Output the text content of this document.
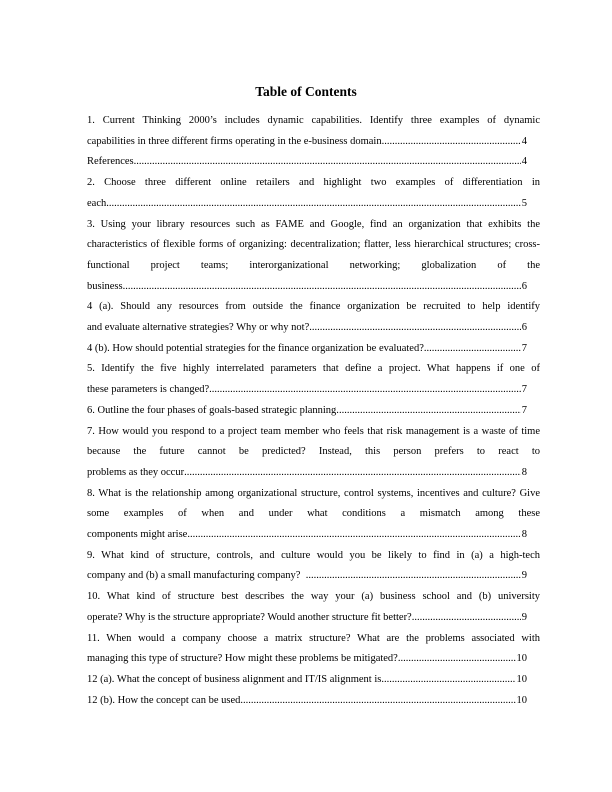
Table of Contents
1. Current Thinking 2000’s includes dynamic capabilities. Identify three examples of dynamic
capabilities in three different firms operating in the e-business domain. .....	4
References .....	4
2. Choose three different online retailers and highlight two examples of differentiation in
each .....	5
3. Using your library resources such as FAME and Google, find an organization that exhibits the characteristics of flexible forms of organizing: decentralization; flatter, less hierarchical structures; cross-functional project teams; interorganizational networking; globalization of the
business .....	6
4 (a). Should any resources from outside the finance organization be recruited to help identify
and evaluate alternative strategies? Why or why not? .....	6
4 (b). How should potential strategies for the finance organization be evaluated? .....	7
5. Identify the five highly interrelated parameters that define a project. What happens if one of
these parameters is changed? .....	7
6. Outline the four phases of goals-based strategic planning. .....	7
7. How would you respond to a project team member who feels that risk management is a waste of time because the future cannot be predicted? Instead, this person prefers to react to
problems as they occur .....	8
8. What is the relationship among organizational structure, control systems, incentives and culture? Give some examples of when and under what conditions a mismatch among these
components might arise. .....	8
9. What kind of structure, controls, and culture would you be likely to find in (a) a high-tech
company and (b) a small manufacturing company? .....	9
10. What kind of structure best describes the way your (a) business school and (b) university
operate? Why is the structure appropriate? Would another structure fit better? .....	9
11. When would a company choose a matrix structure? What are the problems associated with
managing this type of structure? How might these problems be mitigated? .....	10
12 (a). What the concept of business alignment and IT/IS alignment is .....	10
12 (b). How the concept can be used .....	10
